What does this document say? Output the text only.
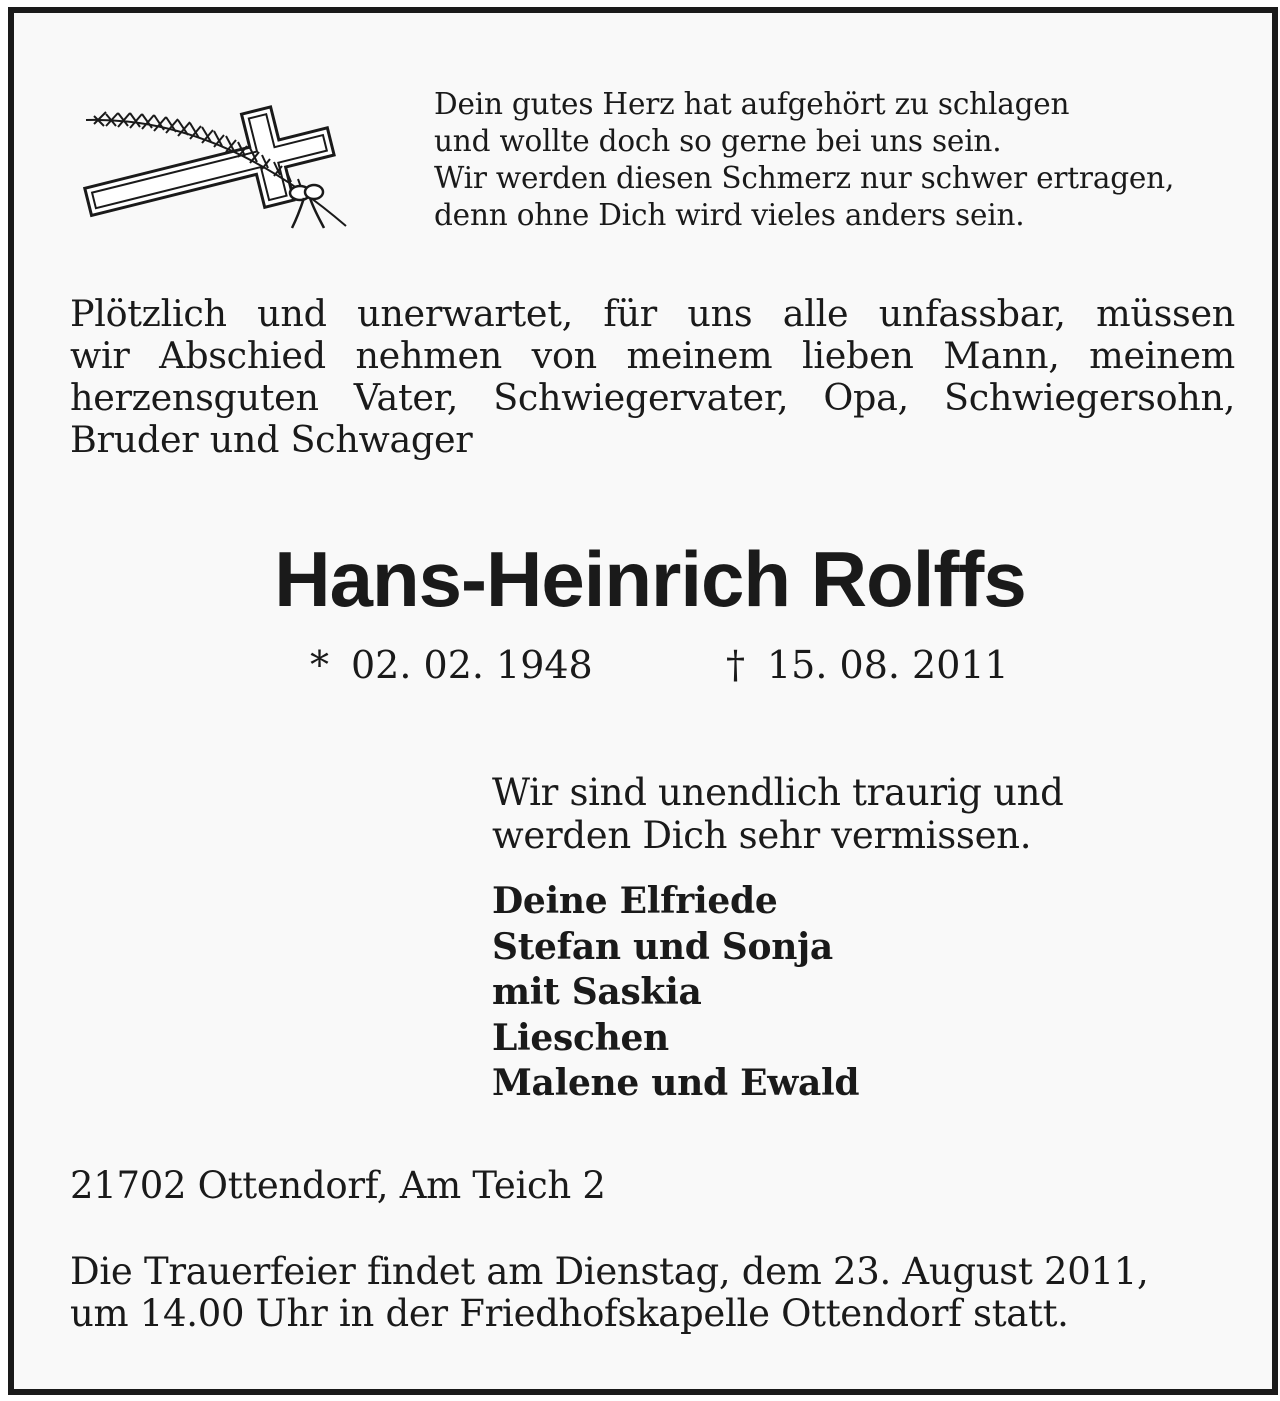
Dein gutes Herz hat aufgehört zu schlagen
und wollte doch so gerne bei uns sein.
Wir werden diesen Schmerz nur schwer ertragen,
denn ohne Dich wird vieles anders sein.
Plötzlich und unerwartet, für uns alle unfassbar, müssen
wir Abschied nehmen von meinem lieben Mann, meinem
herzensguten Vater, Schwiegervater, Opa, Schwiegersohn,
Bruder und Schwager
Hans-Heinrich Rolffs
* 02. 02. 1948	† 15. 08. 2011
Wir sind unendlich traurig und
werden Dich sehr vermissen.
Deine Elfriede
Stefan und Sonja
mit Saskia
Lieschen
Malene und Ewald
21702 Ottendorf, Am Teich 2
Die Trauerfeier findet am Dienstag, dem 23. August 2011,
um 14.00 Uhr in der Friedhofskapelle Ottendorf statt.
